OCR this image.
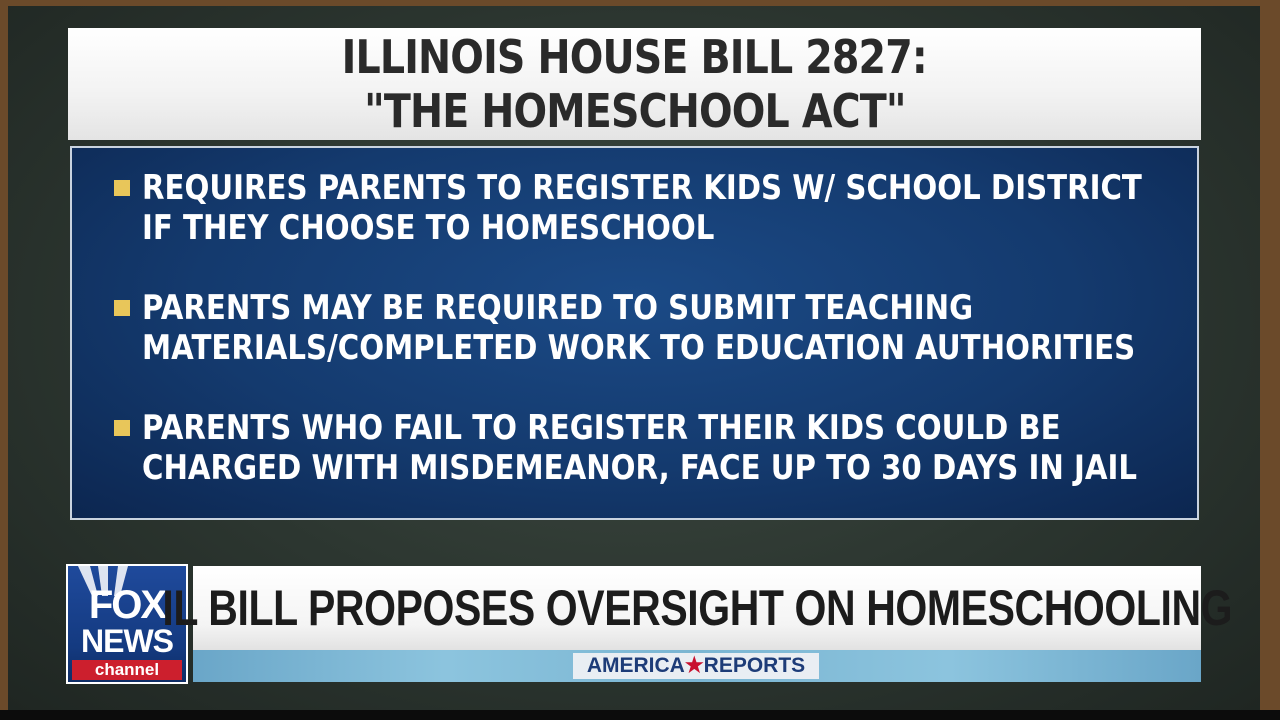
ILLINOIS HOUSE BILL 2827:
"THE HOMESCHOOL ACT"
REQUIRES PARENTS TO REGISTER KIDS W/ SCHOOL DISTRICT
IF THEY CHOOSE TO HOMESCHOOL
PARENTS MAY BE REQUIRED TO SUBMIT TEACHING
MATERIALS/COMPLETED WORK TO EDUCATION AUTHORITIES
PARENTS WHO FAIL TO REGISTER THEIR KIDS COULD BE
CHARGED WITH MISDEMEANOR, FACE UP TO 30 DAYS IN JAIL
FOX
NEWS
channel
IL BILL PROPOSES OVERSIGHT ON HOMESCHOOLING
AMERICA★REPORTS
